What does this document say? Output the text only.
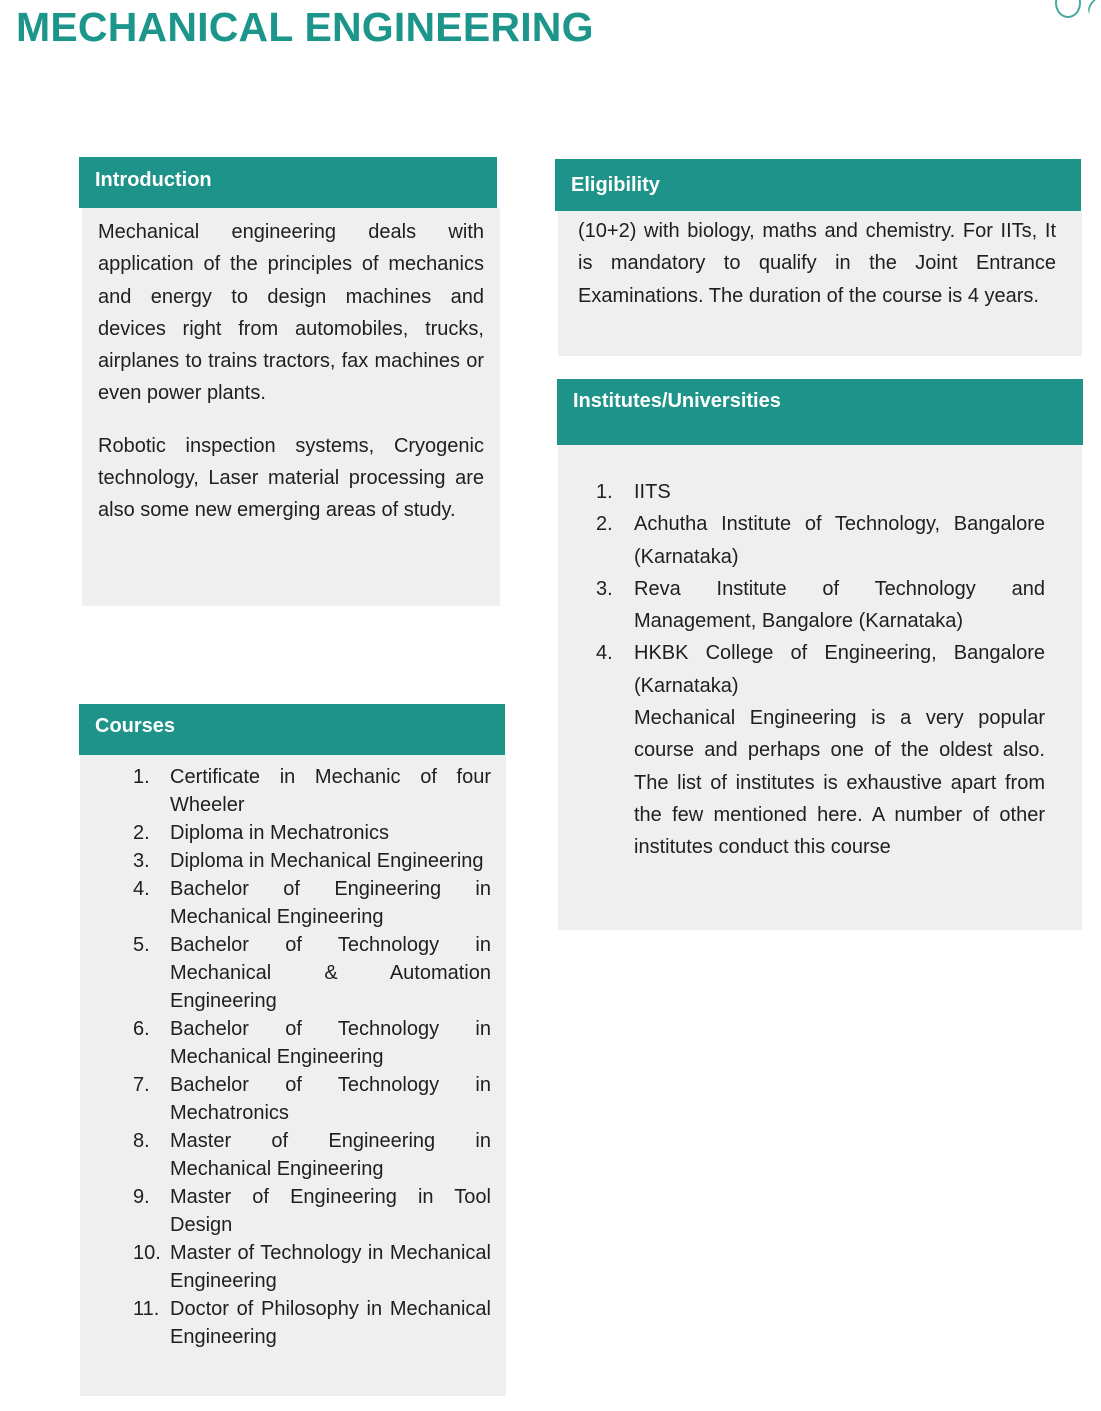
MECHANICAL ENGINEERING
Introduction

Mechanical engineering deals with application of the principles of mechanics and energy to design machines and devices right from automobiles, trucks, airplanes to trains tractors, fax machines or even power plants.

Robotic inspection systems, Cryogenic technology, Laser material processing are also some new emerging areas of study.

Eligibility

(10+2) with biology, maths and chemistry. For IITs, It is mandatory to qualify in the Joint Entrance Examinations. The duration of the course is 4 years.

Institutes/Universities
1. IITS
2. Achutha Institute of Technology, Bangalore (Karnataka)
3. Reva Institute of Technology and Management, Bangalore (Karnataka)
4. HKBK College of Engineering, Bangalore (Karnataka)

Mechanical Engineering is a very popular course and perhaps one of the oldest also. The list of institutes is exhaustive apart from the few mentioned here. A number of other institutes conduct this course

Courses
1. Certificate in Mechanic of four Wheeler
2. Diploma in Mechatronics
3. Diploma in Mechanical Engineering
4. Bachelor of Engineering in Mechanical Engineering
5. Bachelor of Technology in Mechanical & Automation Engineering
6. Bachelor of Technology in Mechanical Engineering
7. Bachelor of Technology in Mechatronics
8. Master of Engineering in Mechanical Engineering
9. Master of Engineering in Tool Design
10. Master of Technology in Mechanical Engineering
11. Doctor of Philosophy in Mechanical Engineering
